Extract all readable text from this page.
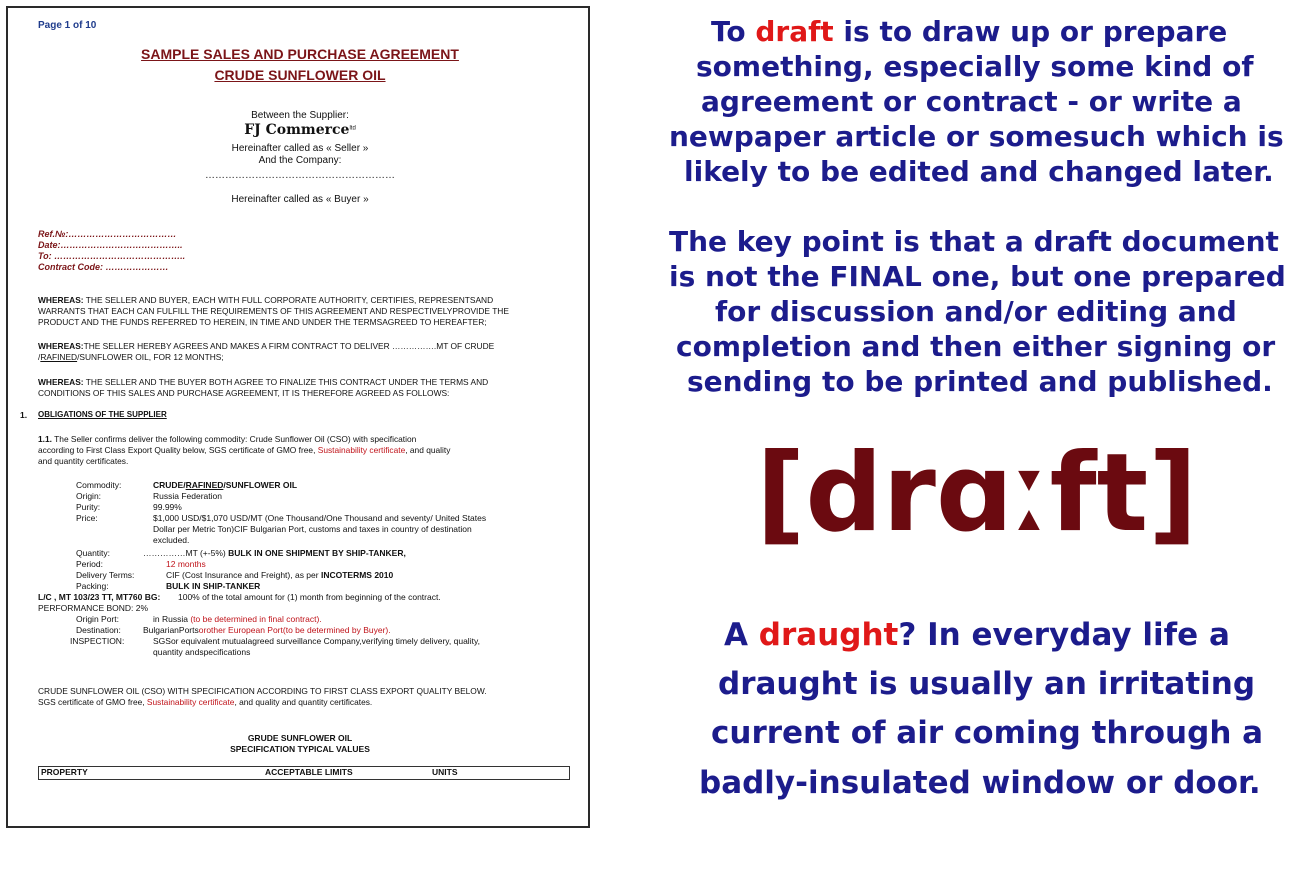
Page 1 of 10
SAMPLE SALES AND PURCHASE AGREEMENT
CRUDE SUNFLOWER OIL
Between the Supplier:
FJ Commerce$^{ltd}$
Hereinafter called as « Seller »
And the Company:
…………………………………………………
Hereinafter called as « Buyer »
Ref.№:………………………………
Date:…………………………………..
To: ……………………………………..
Contract Code: …………………
WHEREAS: THE SELLER AND BUYER, EACH WITH FULL CORPORATE AUTHORITY, CERTIFIES, REPRESENTSAND
WARRANTS THAT EACH CAN FULFILL THE REQUIREMENTS OF THIS AGREEMENT AND RESPECTIVELYPROVIDE THE
PRODUCT AND THE FUNDS REFERRED TO HEREIN, IN TIME AND UNDER THE TERMSAGREED TO HEREAFTER;
WHEREAS:THE SELLER HEREBY AGREES AND MAKES A FIRM CONTRACT TO DELIVER …………….MT OF CRUDE
/RAFINED/SUNFLOWER OIL, FOR 12 MONTHS;
WHEREAS: THE SELLER AND THE BUYER BOTH AGREE TO FINALIZE THIS CONTRACT UNDER THE TERMS AND
CONDITIONS OF THIS SALES AND PURCHASE AGREEMENT, IT IS THEREFORE AGREED AS FOLLOWS:
1. OBLIGATIONS OF THE SUPPLIER
1.1. The Seller confirms deliver the following commodity: Crude Sunflower Oil (CSO) with specification
according to First Class Export Quality below, SGS certificate of GMO free, Sustainability certificate, and quality
and quantity certificates.
Commodity:	CRUDE/RAFINED/SUNFLOWER OIL
Origin:	Russia Federation
Purity:	99.99%
Price:	$1,000 USD/$1,070 USD/MT (One Thousand/One Thousand and seventy/ United States
Dollar per Metric Ton)CIF Bulgarian Port, customs and taxes in country of destination
excluded.
Quantity:	……………MT (+-5%) BULK IN ONE SHIPMENT BY SHIP-TANKER,
Period:	12 months
Delivery Terms:	CIF (Cost Insurance and Freight), as per INCOTERMS 2010
Packing:	BULK IN SHIP-TANKER
L/C , MT 103/23 TT, MT760 BG: 100% of the total amount for (1) month from beginning of the contract.
PERFORMANCE BOND: 2%
Origin Port:	in Russia (to be determined in final contract).
Destination:	BulgarianPortsorother European Port(to be determined by Buyer).
INSPECTION:	SGSor equivalent mutualagreed surveillance Company,verifying timely delivery, quality,
quantity andspecifications
CRUDE SUNFLOWER OIL (CSO) WITH SPECIFICATION ACCORDING TO FIRST CLASS EXPORT QUALITY BELOW.
SGS certificate of GMO free, Sustainability certificate, and quality and quantity certificates.
GRUDE SUNFLOWER OIL
SPECIFICATION TYPICAL VALUES
PROPERTY	ACCEPTABLE LIMITS	UNITS
To draft is to draw up or prepare
something, especially some kind of
agreement or contract - or write a
newpaper article or somesuch which is
likely to be edited and changed later.
The key point is that a draft document
is not the FINAL one, but one prepared
for discussion and/or editing and
completion and then either signing or
sending to be printed and published.
[drɑːft]
A draught? In everyday life a
draught is usually an irritating
current of air coming through a
badly-insulated window or door.
